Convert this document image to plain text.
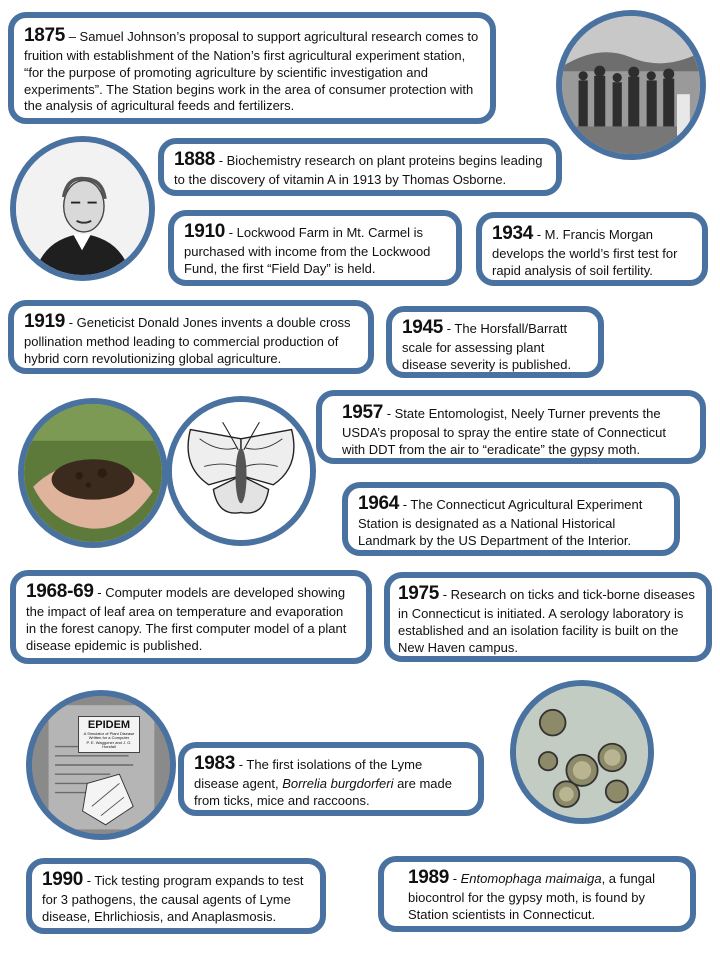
EPIDEM
A Simulator of Plant Disease Written for a Computer
P. E. Waggoner and J. G. Horsfall
1875 – Samuel Johnson’s proposal to support agricultural research comes to fruition with establishment of the Nation’s first agricultural experiment station, “for the purpose of promoting agriculture by scientific investigation and experiments”. The Station begins work in the area of consumer protection with the analysis of agricultural feeds and fertilizers.
1888 - Biochemistry research on plant proteins begins leading to the discovery of vitamin A in 1913 by Thomas Osborne.
1910 - Lockwood Farm in Mt. Carmel is purchased with income from the Lockwood Fund, the first “Field Day” is held.
1934 - M. Francis Morgan develops the world’s first test for rapid analysis of soil fertility.
1919 - Geneticist Donald Jones invents a double cross pollination method leading to commercial production of hybrid corn revolutionizing global agriculture.
1945 - The Horsfall/Barratt scale for assessing plant disease severity is published.
1957 - State Entomologist, Neely Turner prevents the USDA’s proposal to spray the entire state of Connecticut with DDT from the air to “eradicate” the gypsy moth.
1964 - The Connecticut Agricultural Experiment Station is designated as a National Historical Landmark by the US Department of the Interior.
1968-69 - Computer models are developed showing the impact of leaf area on temperature and evaporation in the forest canopy. The first computer model of a plant disease epidemic is published.
1975 - Research on ticks and tick-borne diseases in Connecticut is initiated. A serology laboratory is established and an isolation facility is built on the New Haven campus.
1983 - The first isolations of the Lyme disease agent, Borrelia burgdorferi are made from ticks, mice and raccoons.
1990 - Tick testing program expands to test for 3 pathogens, the causal agents of Lyme disease, Ehrlichiosis, and Anaplasmosis.
1989 - Entomophaga maimaiga, a fungal biocontrol for the gypsy moth, is found by Station scientists in Connecticut.
